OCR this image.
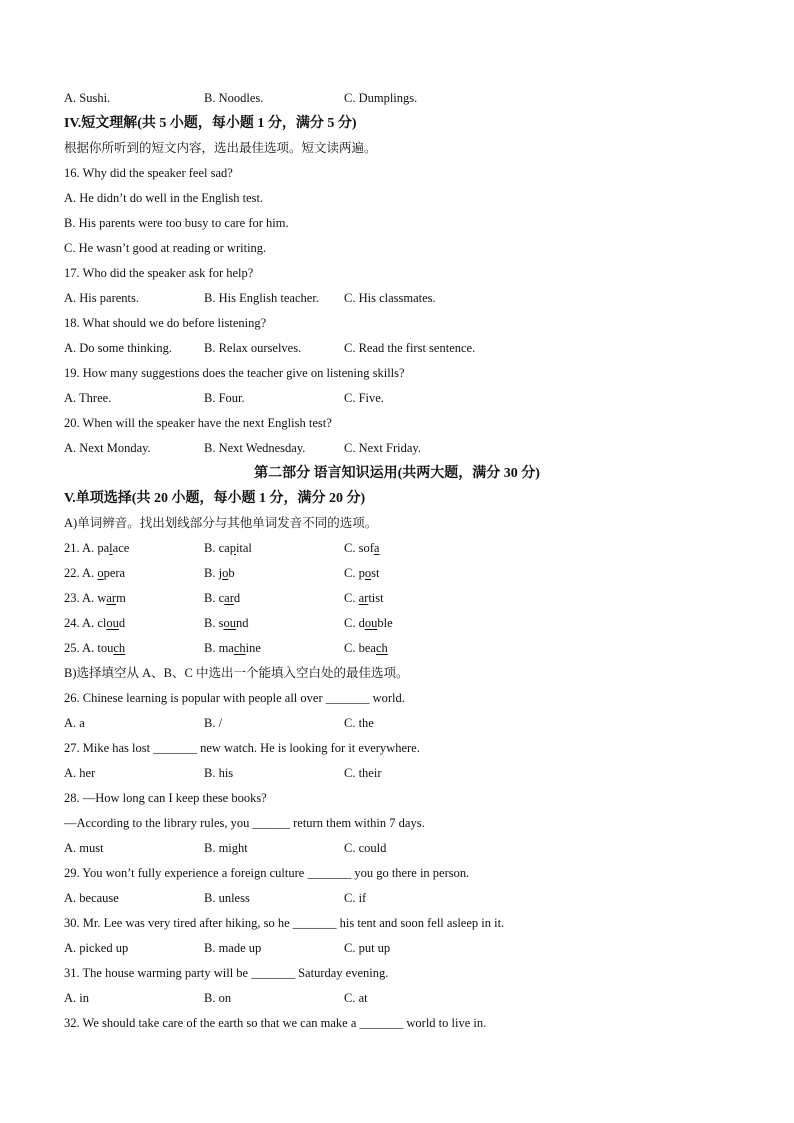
A. Sushi.	B. Noodles.	C. Dumplings.
IV.短文理解(共 5 小题，每小题 1 分，满分 5 分)
根据你所听到的短文内容，选出最佳选项。短文读两遍。
16. Why did the speaker feel sad?
A. He didn’t do well in the English test.
B. His parents were too busy to care for him.
C. He wasn’t good at reading or writing.
17. Who did the speaker ask for help?
A. His parents.	B. His English teacher. C. His classmates.
18. What should we do before listening?
A. Do some thinking.	B. Relax ourselves.	C. Read the first sentence.
19. How many suggestions does the teacher give on listening skills?
A. Three.	B. Four.	C. Five.
20. When will the speaker have the next English test?
A. Next Monday.	B. Next Wednesday.	C. Next Friday.
第二部分 语言知识运用(共两大题，满分 30 分)
V.单项选择(共 20 小题，每小题 1 分，满分 20 分)
A)单词辨音。找出划线部分与其他单词发音不同的选项。
21. A. palace	B. capital	C. sofa
22. A. opera	B. job	C. post
23. A. warm	B. card	C. artist
24. A. cloud	B. sound	C. double
25. A. touch	B. machine	C. beach
B)选择填空从 A、B、C 中选出一个能填入空白处的最佳选项。
26. Chinese learning is popular with people all over _______ world.
A. a	B. /	C. the
27. Mike has lost _______ new watch. He is looking for it everywhere.
A. her	B. his	C. their
28. —How long can I keep these books?
—According to the library rules, you ______ return them within 7 days.
A. must	B. might	C. could
29. You won’t fully experience a foreign culture _______ you go there in person.
A. because	B. unless	C. if
30. Mr. Lee was very tired after hiking, so he _______ his tent and soon fell asleep in it.
A. picked up	B. made up	C. put up
31. The house warming party will be _______ Saturday evening.
A. in	B. on	C. at
32. We should take care of the earth so that we can make a _______ world to live in.
